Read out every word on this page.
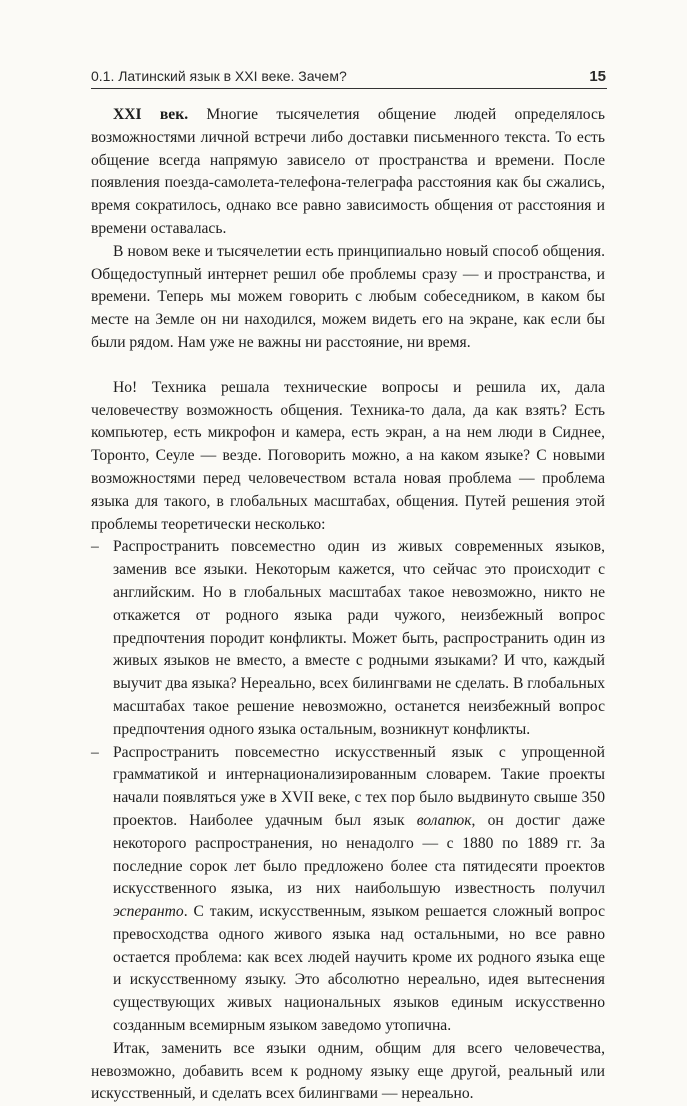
0.1. Латинский язык в XXI веке. Зачем?	15

XXI век. Многие тысячелетия общение людей определялось возможностями личной встречи либо доставки письменного текста. То есть общение всегда напрямую зависело от пространства и времени. После появления поезда-самолета-телефона-телеграфа расстояния как бы сжались, время сократилось, однако все равно зависимость общения от расстояния и времени оставалась.

В новом веке и тысячелетии есть принципиально новый способ общения. Общедоступный интернет решил обе проблемы сразу — и пространства, и времени. Теперь мы можем говорить с любым собеседником, в каком бы месте на Земле он ни находился, можем видеть его на экране, как если бы были рядом. Нам уже не важны ни расстояние, ни время.

Но! Техника решала технические вопросы и решила их, дала человечеству возможность общения. Техника-то дала, да как взять? Есть компьютер, есть микрофон и камера, есть экран, а на нем люди в Сиднее, Торонто, Сеуле — везде. Поговорить можно, а на каком языке? С новыми возможностями перед человечеством встала новая проблема — проблема языка для такого, в глобальных масштабах, общения. Путей решения этой проблемы теоретически несколько:

– Распространить повсеместно один из живых современных языков, заменив все языки. Некоторым кажется, что сейчас это происходит с английским. Но в глобальных масштабах такое невозможно, никто не откажется от родного языка ради чужого, неизбежный вопрос предпочтения породит конфликты. Может быть, распространить один из живых языков не вместо, а вместе с родными языками? И что, каждый выучит два языка? Нереально, всех билингвами не сделать. В глобальных масштабах такое решение невозможно, останется неизбежный вопрос предпочтения одного языка остальным, возникнут конфликты.
– Распространить повсеместно искусственный язык с упрощенной грамматикой и интернационализированным словарем. Такие проекты начали появляться уже в XVII веке, с тех пор было выдвинуто свыше 350 проектов. Наиболее удачным был язык волапюк, он достиг даже некоторого распространения, но ненадолго — с 1880 по 1889 гг. За последние сорок лет было предложено более ста пятидесяти проектов искусственного языка, из них наибольшую известность получил эсперанто. С таким, искусственным, языком решается сложный вопрос превосходства одного живого языка над остальными, но все равно остается проблема: как всех людей научить кроме их родного языка еще и искусственному языку. Это абсолютно нереально, идея вытеснения существующих живых национальных языков единым искусственно созданным всемирным языком заведомо утопична.

Итак, заменить все языки одним, общим для всего человечества, невозможно, добавить всем к родному языку еще другой, реальный или искусственный, и сделать всех билингвами — нереально.
